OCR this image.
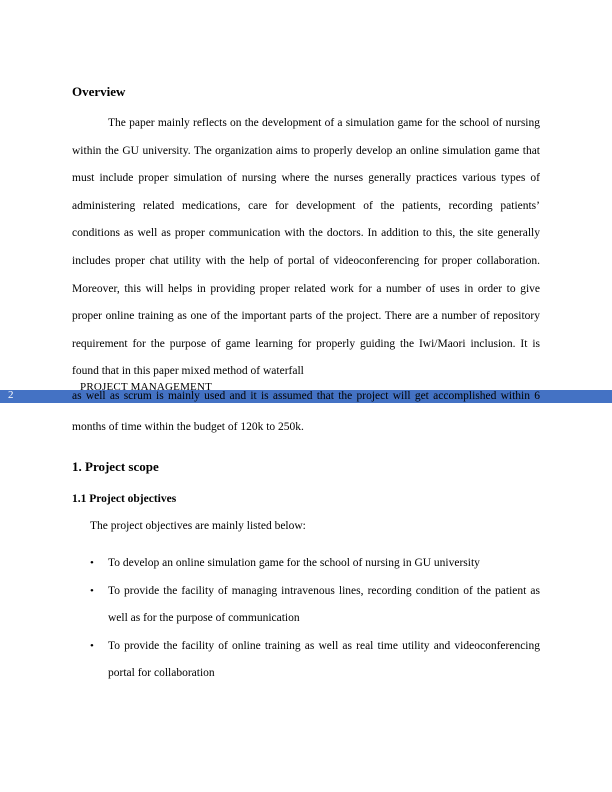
Overview

The paper mainly reflects on the development of a simulation game for the school of nursing within the GU university. The organization aims to properly develop an online simulation game that must include proper simulation of nursing where the nurses generally practices various types of administering related medications, care for development of the patients, recording patients’ conditions as well as proper communication with the doctors. In addition to this, the site generally includes proper chat utility with the help of portal of videoconferencing for proper collaboration. Moreover, this will helps in providing proper related work for a number of uses in order to give proper online training as one of the important parts of the project. There are a number of repository requirement for the purpose of game learning for properly guiding the Iwi/Maori inclusion. It is found that in this paper mixed method of waterfall

2
PROJECT MANAGEMENT
as well as scrum is mainly used and it is assumed that the project will get accomplished within 6
months of time within the budget of 120k to 250k.
1. Project scope
1.1 Project objectives
The project objectives are mainly listed below:
• To develop an online simulation game for the school of nursing in GU university
• To provide the facility of managing intravenous lines, recording condition of the patient as well as for the purpose of communication
• To provide the facility of online training as well as real time utility and videoconferencing portal for collaboration
